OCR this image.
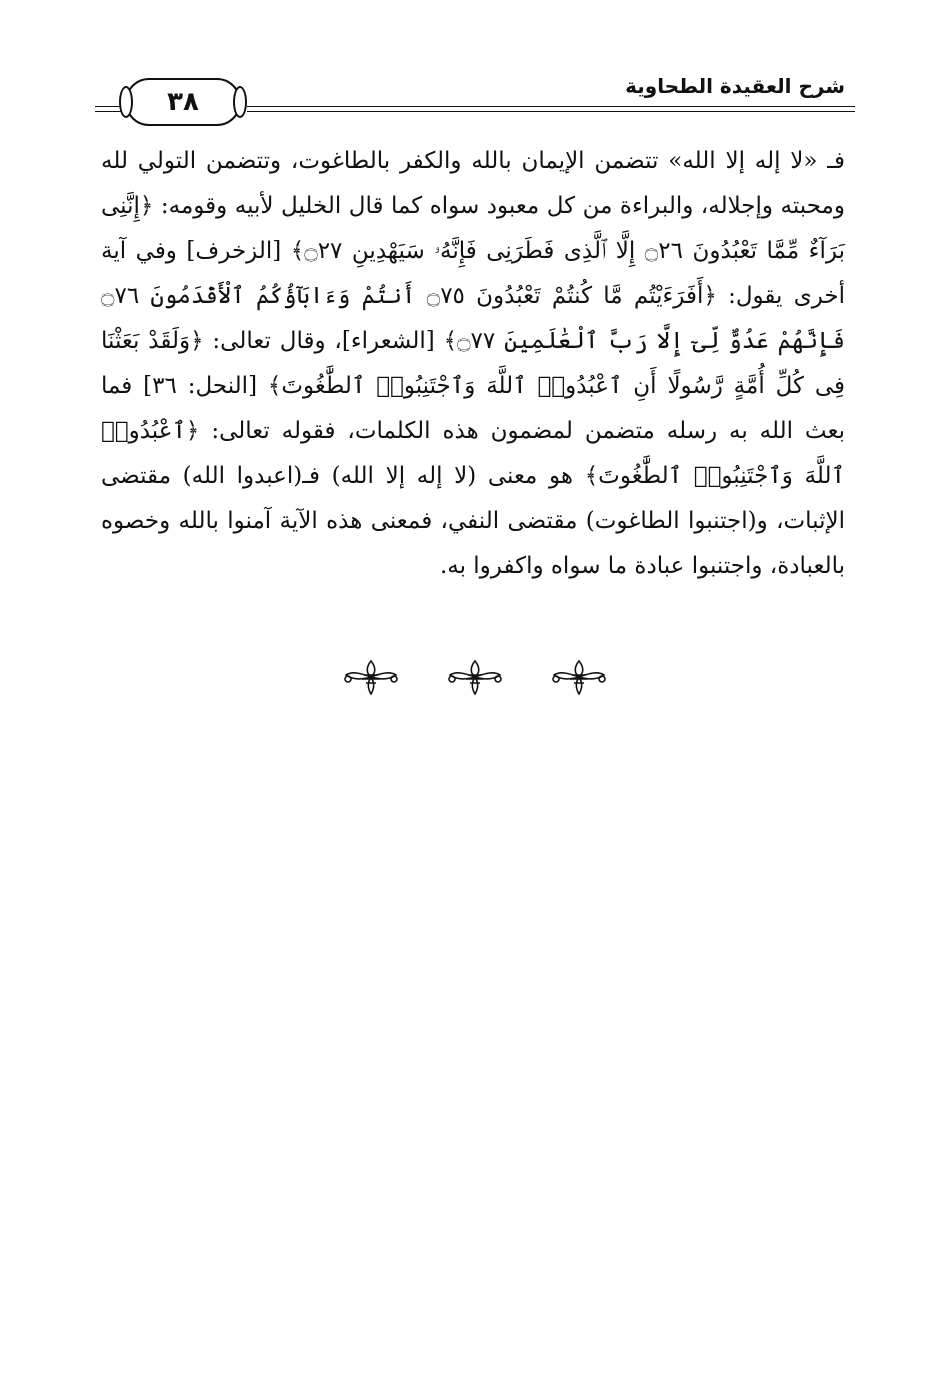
٣٨
شرح العقيدة الطحاوية
فـ «لا إله إلا الله» تتضمن الإيمان بالله والكفر بالطاغوت، وتتضمن التولي لله ومحبته وإجلاله، والبراءة من كل معبود سواه كما قال الخليل لأبيه وقومه: ﴿إِنَّنِى بَرَآءٌ مِّمَّا تَعْبُدُونَ ۝٢٦ إِلَّا ٱلَّذِى فَطَرَنِى فَإِنَّهُۥ سَيَهْدِينِ ۝٢٧﴾ [الزخرف] وفي آية أخرى يقول: ﴿أَفَرَءَيْتُم مَّا كُنتُمْ تَعْبُدُونَ ۝٧٥ أَنتُمْ وَءَابَآؤُكُمُ ٱلْأَقْدَمُونَ ۝٧٦ فَإِنَّهُمْ عَدُوٌّ لِّىٓ إِلَّا رَبَّ ٱلْعَٰلَمِينَ ۝٧٧﴾ [الشعراء]، وقال تعالى: ﴿وَلَقَدْ بَعَثْنَا فِى كُلِّ أُمَّةٍ رَّسُولًا أَنِ ٱعْبُدُوا۟ ٱللَّهَ وَٱجْتَنِبُوا۟ ٱلطَّٰغُوتَ﴾ [النحل: ٣٦] فما بعث الله به رسله متضمن لمضمون هذه الكلمات، فقوله تعالى: ﴿ٱعْبُدُوا۟ ٱللَّهَ وَٱجْتَنِبُوا۟ ٱلطَّٰغُوتَ﴾ هو معنى (لا إله إلا الله) فـ(اعبدوا الله) مقتضى الإثبات، و(اجتنبوا الطاغوت) مقتضى النفي، فمعنى هذه الآية آمنوا بالله وخصوه بالعبادة، واجتنبوا عبادة ما سواه واكفروا به.
